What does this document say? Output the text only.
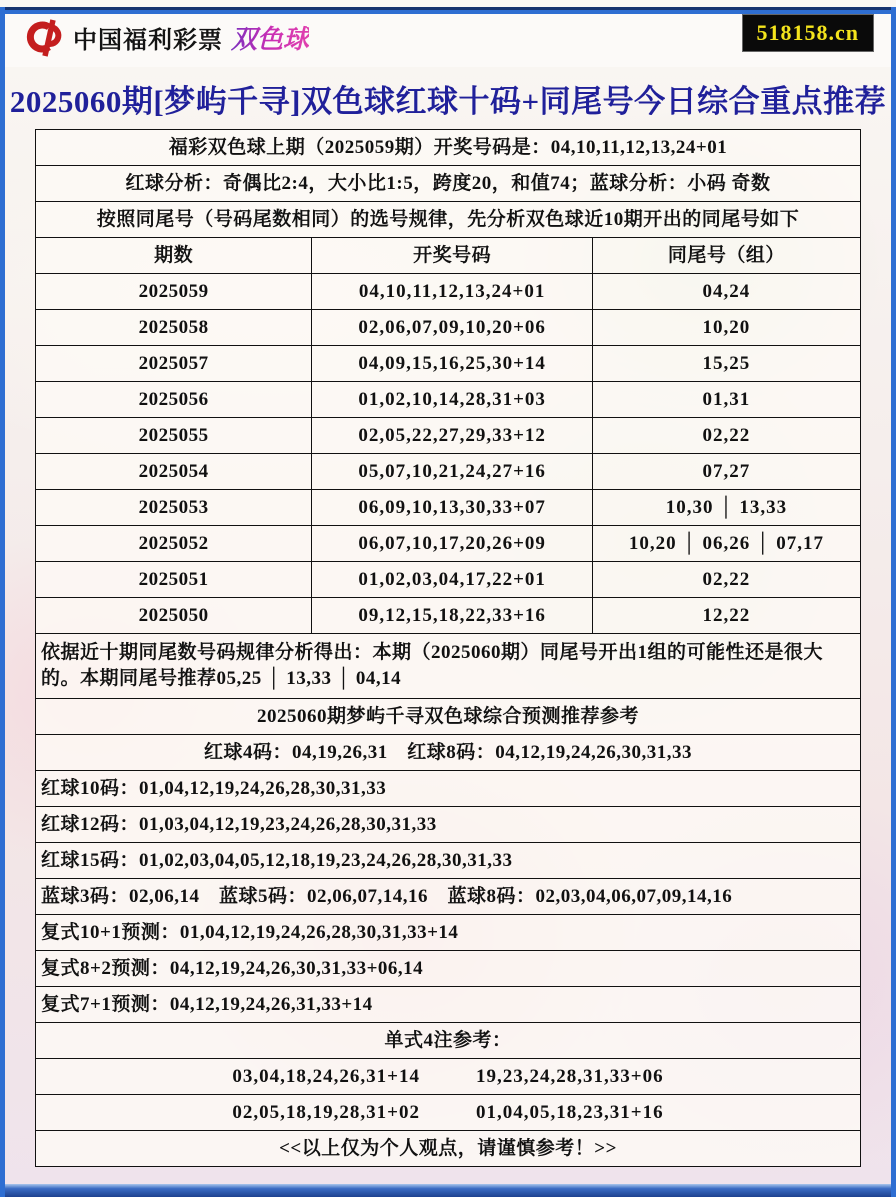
中国福利彩票 双色球	518158.cn
2025060期[梦屿千寻]双色球红球十码+同尾号今日综合重点推荐
福彩双色球上期（2025059期）开奖号码是：04,10,11,12,13,24+01
红球分析：奇偶比2:4，大小比1:5，跨度20，和值74；蓝球分析：小码 奇数
按照同尾号（号码尾数相同）的选号规律，先分析双色球近10期开出的同尾号如下
期数	开奖号码	同尾号（组）
2025059	04,10,11,12,13,24+01	04,24
2025058	02,06,07,09,10,20+06	10,20
2025057	04,09,15,16,25,30+14	15,25
2025056	01,02,10,14,28,31+03	01,31
2025055	02,05,22,27,29,33+12	02,22
2025054	05,07,10,21,24,27+16	07,27
2025053	06,09,10,13,30,33+07	10,30 │ 13,33
2025052	06,07,10,17,20,26+09	10,20 │ 06,26 │ 07,17
2025051	01,02,03,04,17,22+01	02,22
2025050	09,12,15,18,22,33+16	12,22
依据近十期同尾数号码规律分析得出：本期（2025060期）同尾号开出1组的可能性还是很大的。本期同尾号推荐05,25 │ 13,33 │ 04,14
2025060期梦屿千寻双色球综合预测推荐参考
红球4码：04,19,26,31　红球8码：04,12,19,24,26,30,31,33
红球10码：01,04,12,19,24,26,28,30,31,33
红球12码：01,03,04,12,19,23,24,26,28,30,31,33
红球15码：01,02,03,04,05,12,18,19,23,24,26,28,30,31,33
蓝球3码：02,06,14　蓝球5码：02,06,07,14,16　蓝球8码：02,03,04,06,07,09,14,16
复式10+1预测：01,04,12,19,24,26,28,30,31,33+14
复式8+2预测：04,12,19,24,26,30,31,33+06,14
复式7+1预测：04,12,19,24,26,31,33+14
单式4注参考：
03,04,18,24,26,31+14	19,23,24,28,31,33+06
02,05,18,19,28,31+02	01,04,05,18,23,31+16
<<以上仅为个人观点，请谨慎参考！>>
